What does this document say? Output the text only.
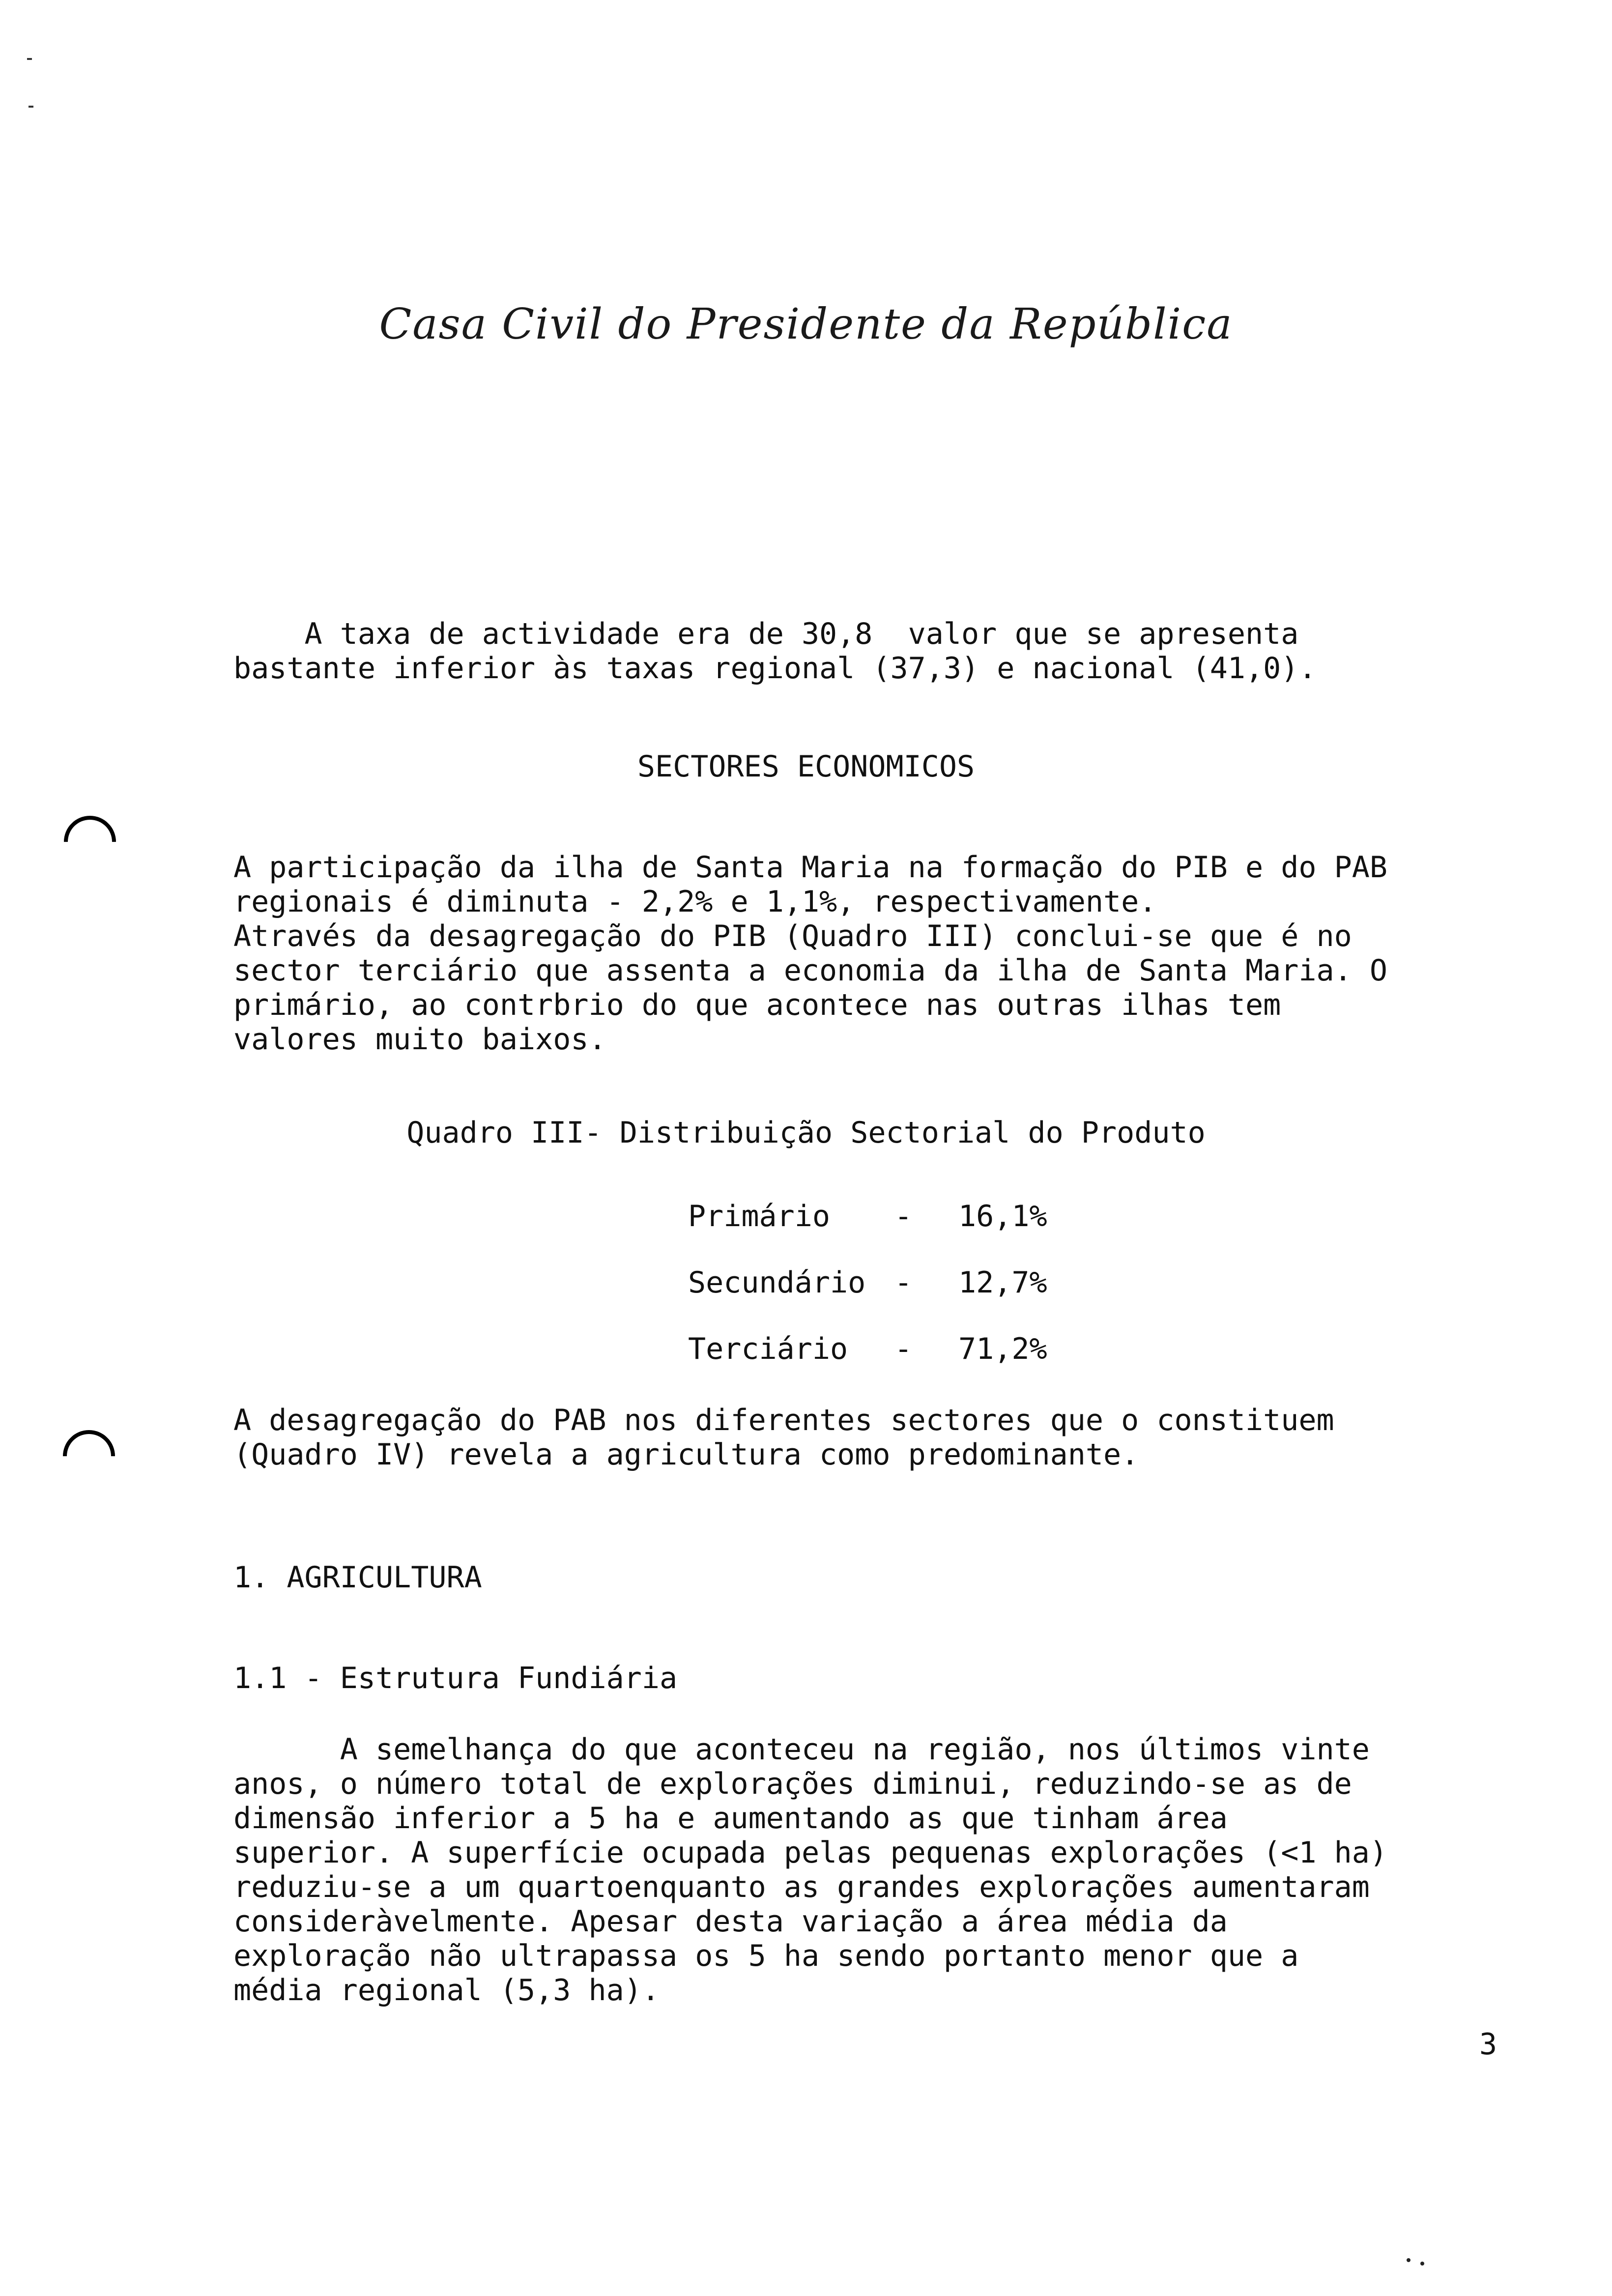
Casa Civil do Presidente da República
A taxa de actividade era de 30,8  valor que se apresenta
bastante inferior às taxas regional (37,3) e nacional (41,0).
SECTORES ECONOMICOS
A participação da ilha de Santa Maria na formação do PIB e do PAB
regionais é diminuta - 2,2% e 1,1%, respectivamente.
Através da desagregação do PIB (Quadro III) conclui-se que é no
sector terciário que assenta a economia da ilha de Santa Maria. O
primário, ao contrbrio do que acontece nas outras ilhas tem
valores muito baixos.
Quadro III- Distribuição Sectorial do Produto
Primário	-	16,1%
Secundário	-	12,7%
Terciário	-	71,2%
A desagregação do PAB nos diferentes sectores que o constituem
(Quadro IV) revela a agricultura como predominante.
1. AGRICULTURA
1.1 - Estrutura Fundiária
A semelhança do que aconteceu na região, nos últimos vinte
anos, o número total de explorações diminui, reduzindo-se as de
dimensão inferior a 5 ha e aumentando as que tinham área
superior. A superfície ocupada pelas pequenas explorações (<1 ha)
reduziu-se a um quartoenquanto as grandes explorações aumentaram
consideràvelmente. Apesar desta variação a área média da
exploração não ultrapassa os 5 ha sendo portanto menor que a
média regional (5,3 ha).
3
